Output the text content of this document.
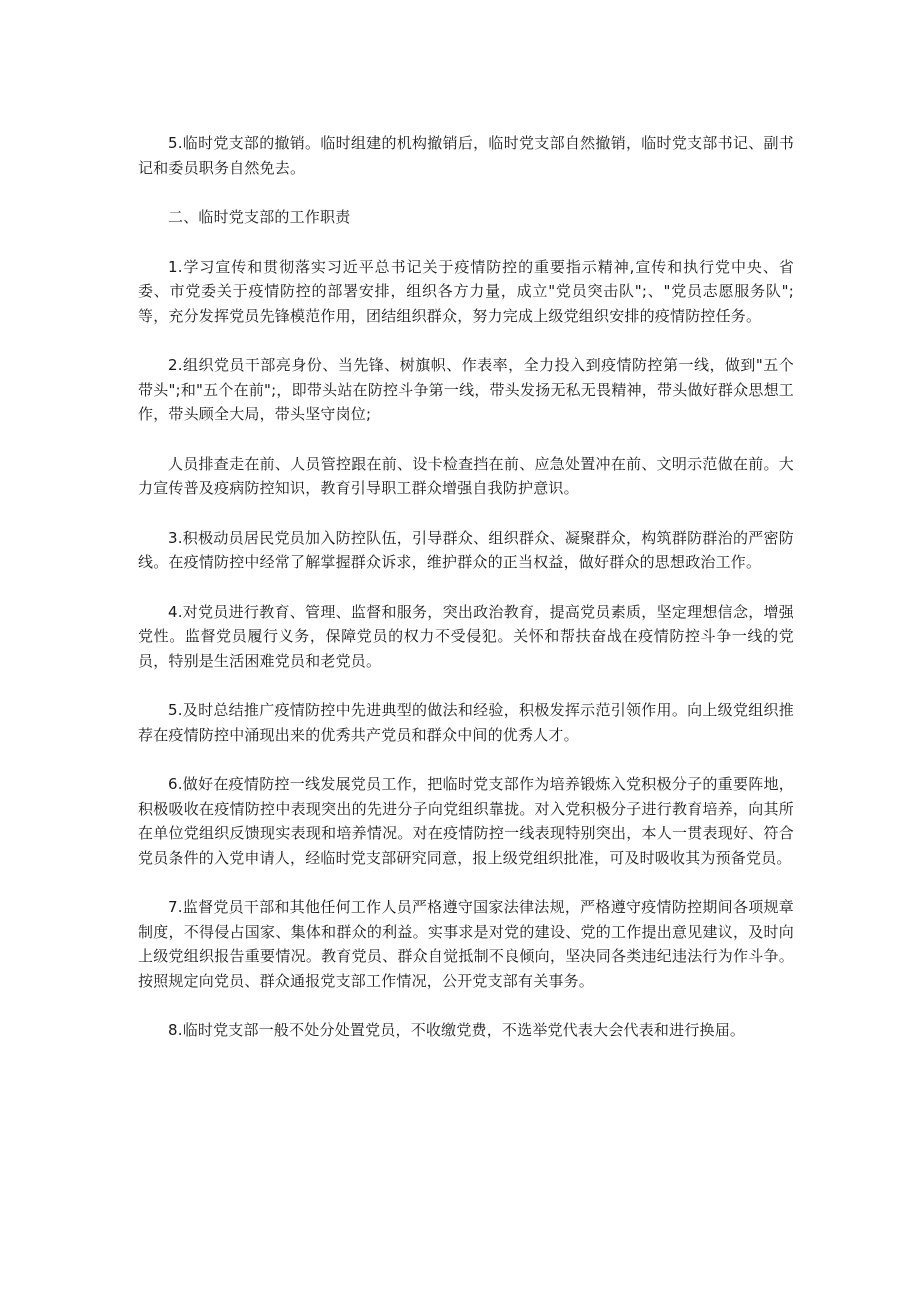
5.临时党支部的撤销。临时组建的机构撤销后，临时党支部自然撤销，临时党支部书记、副书记和委员职务自然免去。

二、临时党支部的工作职责

1.学习宣传和贯彻落实习近平总书记关于疫情防控的重要指示精神,宣传和执行党中央、省委、市党委关于疫情防控的部署安排，组织各方力量，成立"党员突击队";、"党员志愿服务队";等，充分发挥党员先锋模范作用，团结组织群众，努力完成上级党组织安排的疫情防控任务。

2.组织党员干部亮身份、当先锋、树旗帜、作表率，全力投入到疫情防控第一线，做到"五个带头";和"五个在前";，即带头站在防控斗争第一线，带头发扬无私无畏精神，带头做好群众思想工作，带头顾全大局，带头坚守岗位;

人员排查走在前、人员管控跟在前、设卡检查挡在前、应急处置冲在前、文明示范做在前。大力宣传普及疫病防控知识，教育引导职工群众增强自我防护意识。

3.积极动员居民党员加入防控队伍，引导群众、组织群众、凝聚群众，构筑群防群治的严密防线。在疫情防控中经常了解掌握群众诉求，维护群众的正当权益，做好群众的思想政治工作。

4.对党员进行教育、管理、监督和服务，突出政治教育，提高党员素质，坚定理想信念，增强党性。监督党员履行义务，保障党员的权力不受侵犯。关怀和帮扶奋战在疫情防控斗争一线的党员，特别是生活困难党员和老党员。

5.及时总结推广疫情防控中先进典型的做法和经验，积极发挥示范引领作用。向上级党组织推荐在疫情防控中涌现出来的优秀共产党员和群众中间的优秀人才。

6.做好在疫情防控一线发展党员工作，把临时党支部作为培养锻炼入党积极分子的重要阵地，积极吸收在疫情防控中表现突出的先进分子向党组织靠拢。对入党积极分子进行教育培养，向其所在单位党组织反馈现实表现和培养情况。对在疫情防控一线表现特别突出，本人一贯表现好、符合党员条件的入党申请人，经临时党支部研究同意，报上级党组织批准，可及时吸收其为预备党员。

7.监督党员干部和其他任何工作人员严格遵守国家法律法规，严格遵守疫情防控期间各项规章制度，不得侵占国家、集体和群众的利益。实事求是对党的建设、党的工作提出意见建议，及时向上级党组织报告重要情况。教育党员、群众自觉抵制不良倾向，坚决同各类违纪违法行为作斗争。按照规定向党员、群众通报党支部工作情况，公开党支部有关事务。

8.临时党支部一般不处分处置党员，不收缴党费，不选举党代表大会代表和进行换届。
